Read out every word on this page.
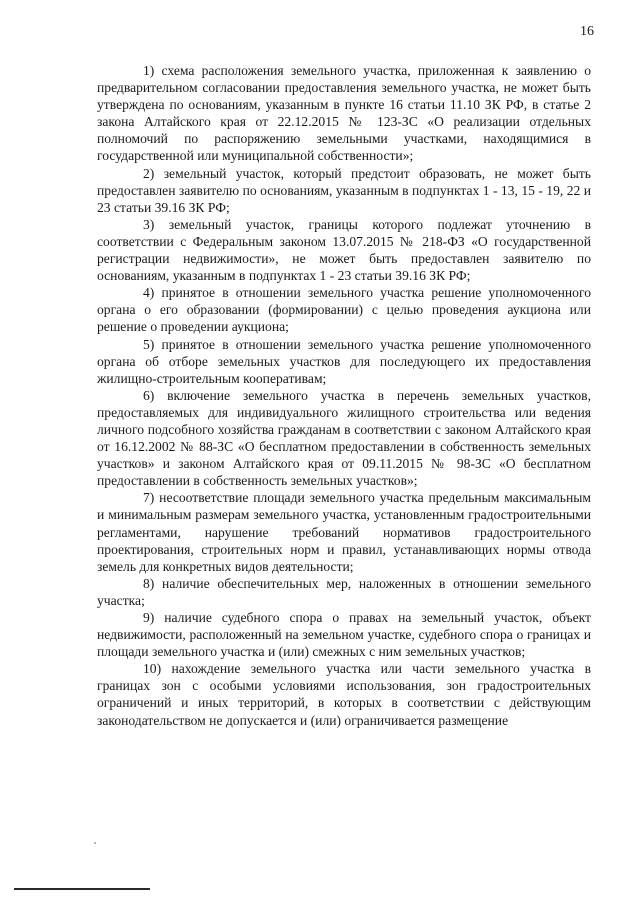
16

1) схема расположения земельного участка, приложенная к заявлению о предварительном согласовании предоставления земельного участка, не может быть утверждена по основаниям, указанным в пункте 16 статьи 11.10 ЗК РФ, в статье 2 закона Алтайского края от 22.12.2015 № 123-ЗС «О реализации отдельных полномочий по распоряжению земельными участками, находящимися в государственной или муниципальной собственности»;

2) земельный участок, который предстоит образовать, не может быть предоставлен заявителю по основаниям, указанным в подпунктах 1 - 13, 15 - 19, 22 и 23 статьи 39.16 ЗК РФ;

3) земельный участок, границы которого подлежат уточнению в соответствии с Федеральным законом 13.07.2015 № 218-ФЗ «О государственной регистрации недвижимости», не может быть предоставлен заявителю по основаниям, указанным в подпунктах 1 - 23 статьи 39.16 ЗК РФ;

4) принятое в отношении земельного участка решение уполномоченного органа о его образовании (формировании) с целью проведения аукциона или решение о проведении аукциона;

5) принятое в отношении земельного участка решение уполномоченного органа об отборе земельных участков для последующего их предоставления жилищно-строительным кооперативам;

6) включение земельного участка в перечень земельных участков, предоставляемых для индивидуального жилищного строительства или ведения личного подсобного хозяйства гражданам в соответствии с законом Алтайского края от 16.12.2002 № 88-ЗС «О бесплатном предоставлении в собственность земельных участков» и законом Алтайского края от 09.11.2015 № 98-ЗС «О бесплатном предоставлении в собственность земельных участков»;

7) несоответствие площади земельного участка предельным максимальным и минимальным размерам земельного участка, установленным градостроительными регламентами, нарушение требований нормативов градостроительного проектирования, строительных норм и правил, устанавливающих нормы отвода земель для конкретных видов деятельности;

8) наличие обеспечительных мер, наложенных в отношении земельного участка;

9) наличие судебного спора о правах на земельный участок, объект недвижимости, расположенный на земельном участке, судебного спора о границах и площади земельного участка и (или) смежных с ним земельных участков;

10) нахождение земельного участка или части земельного участка в границах зон с особыми условиями использования, зон градостроительных ограничений и иных территорий, в которых в соответствии с действующим законодательством не допускается и (или) ограничивается размещение
